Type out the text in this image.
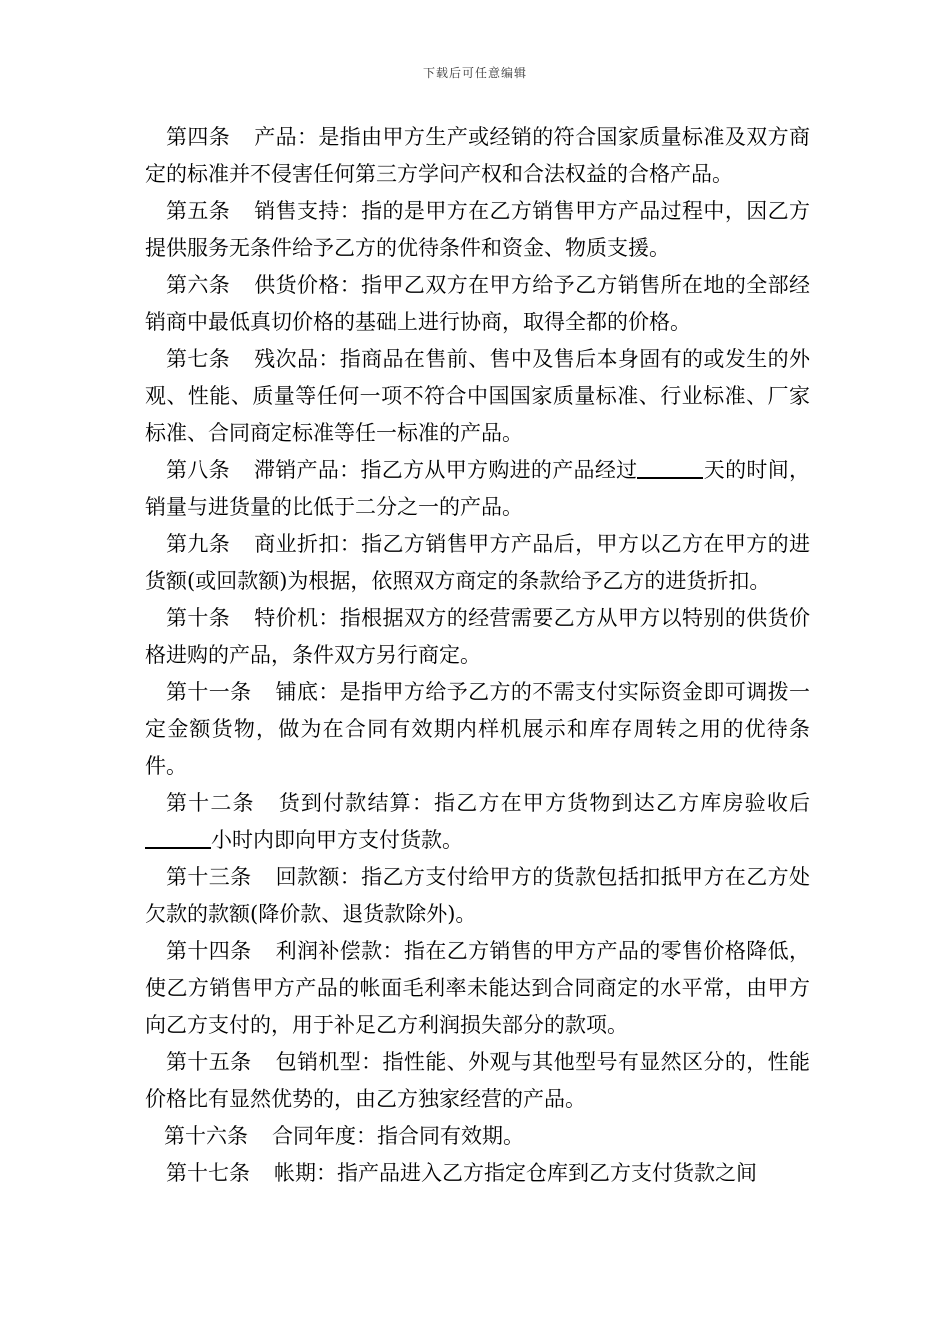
下载后可任意编辑

第四条 产品：是指由甲方生产或经销的符合国家质量标准及双方商定的标准并不侵害任何第三方学问产权和合法权益的合格产品。

第五条 销售支持：指的是甲方在乙方销售甲方产品过程中，因乙方提供服务无条件给予乙方的优待条件和资金、物质支援。

第六条 供货价格：指甲乙双方在甲方给予乙方销售所在地的全部经销商中最低真切价格的基础上进行协商，取得全都的价格。

第七条 残次品：指商品在售前、售中及售后本身固有的或发生的外观、性能、质量等任何一项不符合中国国家质量标准、行业标准、厂家标准、合同商定标准等任一标准的产品。

第八条 滞销产品：指乙方从甲方购进的产品经过	天的时间，销量与进货量的比低于二分之一的产品。

第九条 商业折扣：指乙方销售甲方产品后，甲方以乙方在甲方的进货额(或回款额)为根据，依照双方商定的条款给予乙方的进货折扣。

第十条 特价机：指根据双方的经营需要乙方从甲方以特别的供货价格进购的产品，条件双方另行商定。

第十一条 铺底：是指甲方给予乙方的不需支付实际资金即可调拨一定金额货物，做为在合同有效期内样机展示和库存周转之用的优待条件。

第十二条 货到付款结算：指乙方在甲方货物到达乙方库房验收后小时内即向甲方支付货款。

第十三条 回款额：指乙方支付给甲方的货款包括扣抵甲方在乙方处欠款的款额(降价款、退货款除外)。

第十四条 利润补偿款：指在乙方销售的甲方产品的零售价格降低，使乙方销售甲方产品的帐面毛利率未能达到合同商定的水平常，由甲方向乙方支付的，用于补足乙方利润损失部分的款项。

第十五条 包销机型：指性能、外观与其他型号有显然区分的，性能价格比有显然优势的，由乙方独家经营的产品。

第十六条 合同年度：指合同有效期。

第十七条 帐期：指产品进入乙方指定仓库到乙方支付货款之间
